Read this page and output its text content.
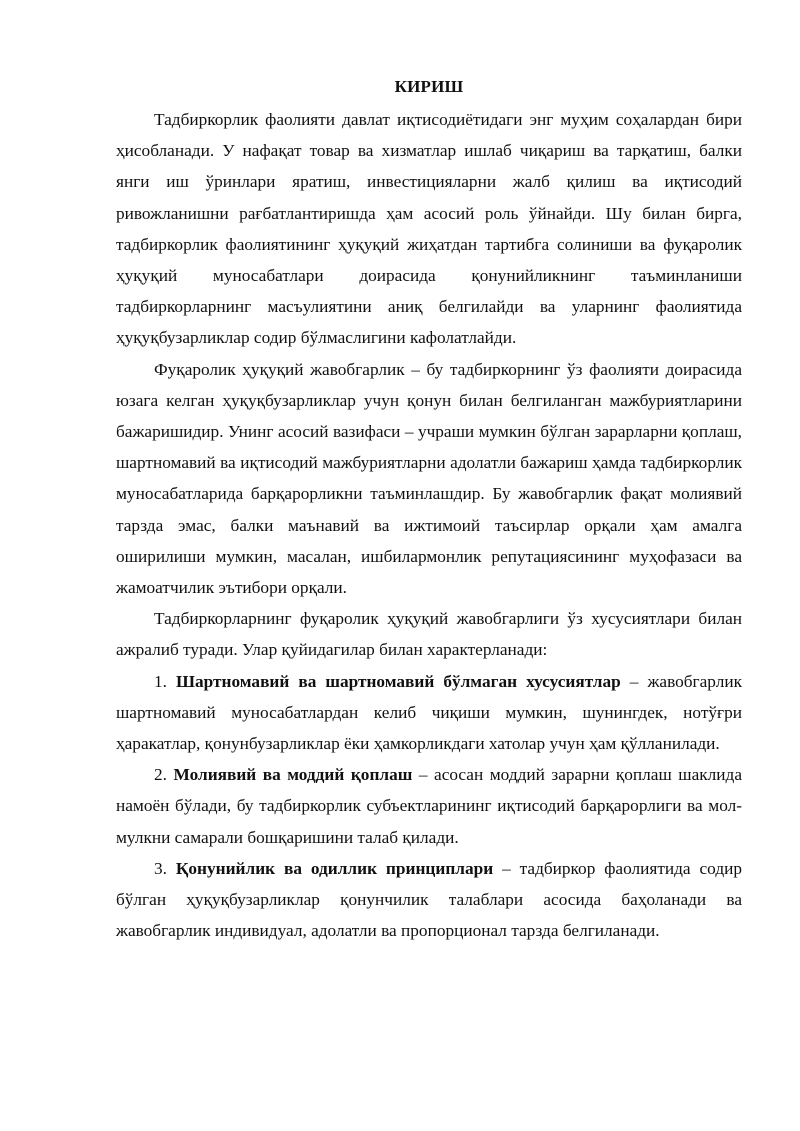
КИРИШ

Тадбиркорлик фаолияти давлат иқтисодиётидаги энг муҳим соҳалардан бири ҳисобланади. У нафақат товар ва хизматлар ишлаб чиқариш ва тарқатиш, балки янги иш ўринлари яратиш, инвестицияларни жалб қилиш ва иқтисодий ривожланишни рағбатлантиришда ҳам асосий роль ўйнайди. Шу билан бирга, тадбиркорлик фаолиятининг ҳуқуқий жиҳатдан тартибга солиниши ва фуқаролик ҳуқуқий муносабатлари доирасида қонунийликнинг таъминланиши тадбиркорларнинг масъулиятини аниқ белгилайди ва уларнинг фаолиятида ҳуқуқбузарликлар содир бўлмаслигини кафолатлайди.

Фуқаролик ҳуқуқий жавобгарлик – бу тадбиркорнинг ўз фаолияти доирасида юзага келган ҳуқуқбузарликлар учун қонун билан белгиланган мажбуриятларини бажаришидир. Унинг асосий вазифаси – учраши мумкин бўлган зарарларни қоплаш, шартномавий ва иқтисодий мажбуриятларни адолатли бажариш ҳамда тадбиркорлик муносабатларида барқарорликни таъминлашдир. Бу жавобгарлик фақат молиявий тарзда эмас, балки маънавий ва ижтимоий таъсирлар орқали ҳам амалга оширилиши мумкин, масалан, ишбилармонлик репутациясининг муҳофазаси ва жамоатчилик эътибори орқали.

Тадбиркорларнинг фуқаролик ҳуқуқий жавобгарлиги ўз хусусиятлари билан ажралиб туради. Улар қуйидагилар билан характерланади:

1. Шартномавий ва шартномавий бўлмаган хусусиятлар – жавобгарлик шартномавий муносабатлардан келиб чиқиши мумкин, шунингдек, нотўғри ҳаракатлар, қонунбузарликлар ёки ҳамкорликдаги хатолар учун ҳам қўлланилади.

2. Молиявий ва моддий қоплаш – асосан моддий зарарни қоплаш шаклида намоён бўлади, бу тадбиркорлик субъектларининг иқтисодий барқарорлиги ва мол-мулкни самарали бошқаришини талаб қилади.

3. Қонунийлик ва одиллик принциплари – тадбиркор фаолиятида содир бўлган ҳуқуқбузарликлар қонунчилик талаблари асосида баҳоланади ва жавобгарлик индивидуал, адолатли ва пропорционал тарзда белгиланади.
